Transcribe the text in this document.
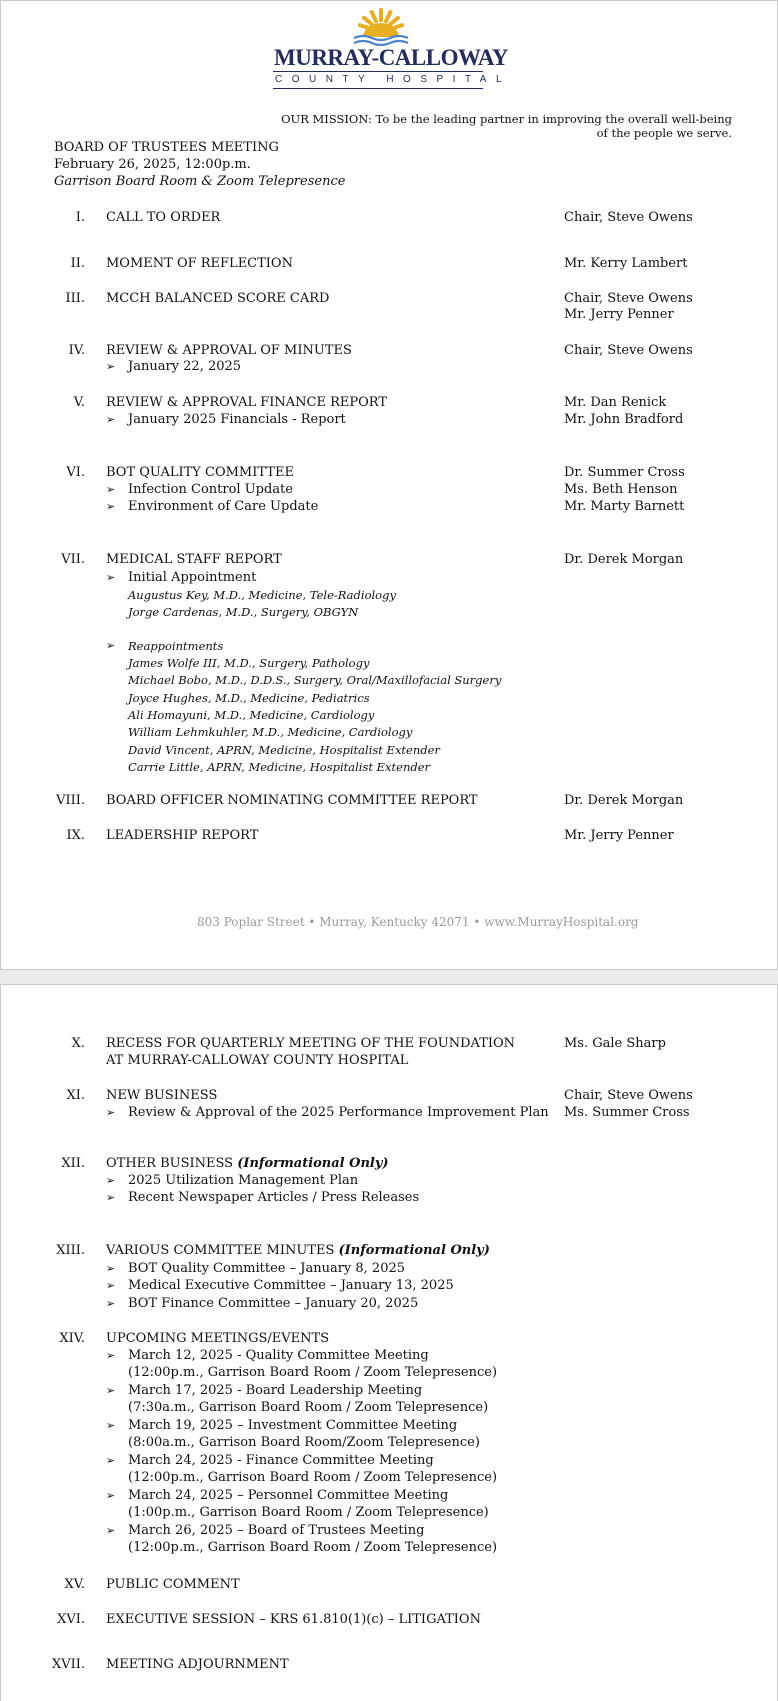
MURRAY-CALLOWAY
COUNTY HOSPITAL
OUR MISSION: To be the leading partner in improving the overall well-being
of the people we serve.
BOARD OF TRUSTEES MEETING
February 26, 2025, 12:00p.m.
Garrison Board Room & Zoom Telepresence
I. CALL TO ORDER	Chair, Steve Owens
II. MOMENT OF REFLECTION	Mr. Kerry Lambert
III. MCCH BALANCED SCORE CARD	Chair, Steve Owens
Mr. Jerry Penner
IV. REVIEW & APPROVAL OF MINUTES	Chair, Steve Owens
➢ January 22, 2025
V. REVIEW & APPROVAL FINANCE REPORT	Mr. Dan Renick
➢ January 2025 Financials - Report	Mr. John Bradford
VI. BOT QUALITY COMMITTEE	Dr. Summer Cross
➢ Infection Control Update	Ms. Beth Henson
➢ Environment of Care Update	Mr. Marty Barnett
VII. MEDICAL STAFF REPORT	Dr. Derek Morgan
➢ Initial Appointment
Augustus Key, M.D., Medicine, Tele-Radiology
Jorge Cardenas, M.D., Surgery, OBGYN
➢ Reappointments
James Wolfe III, M.D., Surgery, Pathology
Michael Bobo, M.D., D.D.S., Surgery, Oral/Maxillofacial Surgery
Joyce Hughes, M.D., Medicine, Pediatrics
Ali Homayuni, M.D., Medicine, Cardiology
William Lehmkuhler, M.D., Medicine, Cardiology
David Vincent, APRN, Medicine, Hospitalist Extender
Carrie Little, APRN, Medicine, Hospitalist Extender
VIII. BOARD OFFICER NOMINATING COMMITTEE REPORT	Dr. Derek Morgan
IX. LEADERSHIP REPORT	Mr. Jerry Penner
803 Poplar Street • Murray, Kentucky 42071 • www.MurrayHospital.org
X. RECESS FOR QUARTERLY MEETING OF THE FOUNDATION
AT MURRAY-CALLOWAY COUNTY HOSPITAL
Ms. Gale Sharp
XI. NEW BUSINESS	Chair, Steve Owens
➢ Review & Approval of the 2025 Performance Improvement Plan Ms. Summer Cross
XII. OTHER BUSINESS (Informational Only)
➢ 2025 Utilization Management Plan
➢ Recent Newspaper Articles / Press Releases
XIII. VARIOUS COMMITTEE MINUTES (Informational Only)
➢ BOT Quality Committee – January 8, 2025
➢ Medical Executive Committee – January 13, 2025
➢ BOT Finance Committee – January 20, 2025
XIV. UPCOMING MEETINGS/EVENTS
➢ March 12, 2025 - Quality Committee Meeting
(12:00p.m., Garrison Board Room / Zoom Telepresence)
➢ March 17, 2025 - Board Leadership Meeting
(7:30a.m., Garrison Board Room / Zoom Telepresence)
➢ March 19, 2025 – Investment Committee Meeting
(8:00a.m., Garrison Board Room/Zoom Telepresence)
➢ March 24, 2025 - Finance Committee Meeting
(12:00p.m., Garrison Board Room / Zoom Telepresence)
➢ March 24, 2025 – Personnel Committee Meeting
(1:00p.m., Garrison Board Room / Zoom Telepresence)
➢ March 26, 2025 – Board of Trustees Meeting
(12:00p.m., Garrison Board Room / Zoom Telepresence)
XV. PUBLIC COMMENT
XVI. EXECUTIVE SESSION – KRS 61.810(1)(c) – LITIGATION
XVII. MEETING ADJOURNMENT
